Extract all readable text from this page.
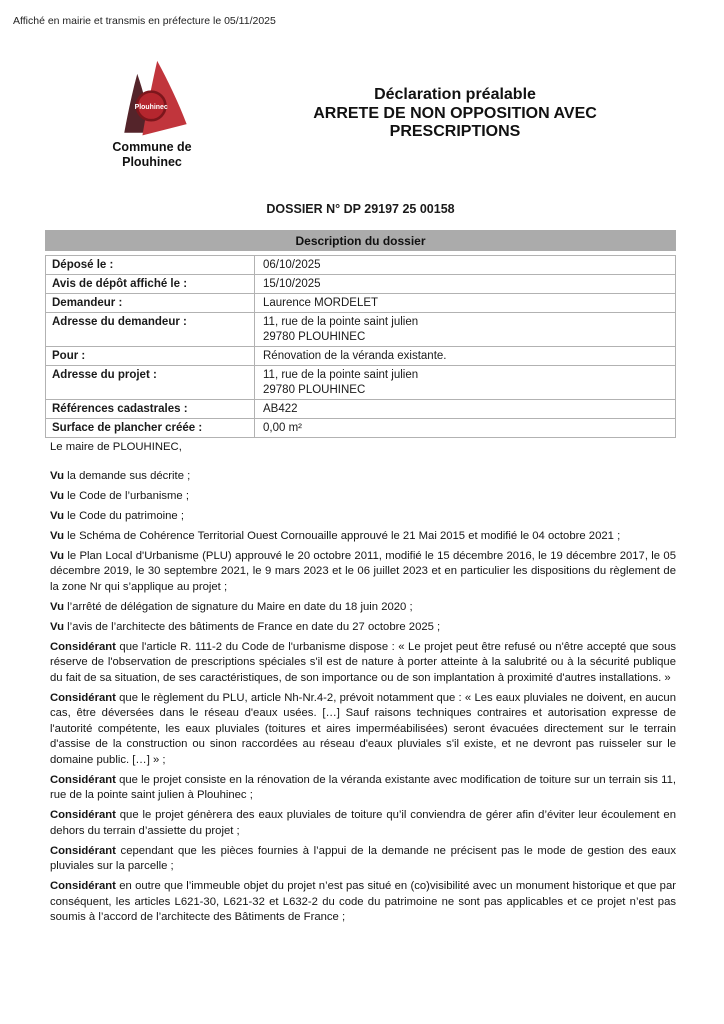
Affiché en mairie et transmis en préfecture le 05/11/2025
Plouhinec
Commune de
Plouhinec
Déclaration préalable
ARRETE DE NON OPPOSITION AVEC
PRESCRIPTIONS
DOSSIER N° DP 29197 25 00158
Description du dossier
Déposé le :	06/10/2025
Avis de dépôt affiché le :	15/10/2025
Demandeur :	Laurence MORDELET
Adresse du demandeur :	11, rue de la pointe saint julien
29780 PLOUHINEC
Pour :	Rénovation de la véranda existante.
Adresse du projet :	11, rue de la pointe saint julien
29780 PLOUHINEC
Références cadastrales :	AB422
Surface de plancher créée :	0,00 m²

Le maire de PLOUHINEC,

Vu la demande sus décrite ;

Vu le Code de l’urbanisme ;

Vu le Code du patrimoine ;

Vu le Schéma de Cohérence Territorial Ouest Cornouaille approuvé le 21 Mai 2015 et modifié le 04 octobre 2021 ;

Vu le Plan Local d'Urbanisme (PLU) approuvé le 20 octobre 2011, modifié le 15 décembre 2016, le 19 décembre 2017, le 05 décembre 2019, le 30 septembre 2021, le 9 mars 2023 et le 06 juillet 2023 et en particulier les dispositions du règlement de la zone Nr qui s’applique au projet ;

Vu l’arrêté de délégation de signature du Maire en date du 18 juin 2020 ;

Vu l’avis de l’architecte des bâtiments de France en date du 27 octobre 2025 ;

Considérant que l'article R. 111-2 du Code de l'urbanisme dispose : « Le projet peut être refusé ou n'être accepté que sous réserve de l'observation de prescriptions spéciales s'il est de nature à porter atteinte à la salubrité ou à la sécurité publique du fait de sa situation, de ses caractéristiques, de son importance ou de son implantation à proximité d'autres installations. »

Considérant que le règlement du PLU, article Nh-Nr.4-2, prévoit notamment que : « Les eaux pluviales ne doivent, en aucun cas, être déversées dans le réseau d'eaux usées. […] Sauf raisons techniques contraires et autorisation expresse de l'autorité compétente, les eaux pluviales (toitures et aires imperméabilisées) seront évacuées directement sur le terrain d'assise de la construction ou sinon raccordées au réseau d'eaux pluviales s'il existe, et ne devront pas ruisseler sur le domaine public. […] » ;

Considérant que le projet consiste en la rénovation de la véranda existante avec modification de toiture sur un terrain sis 11, rue de la pointe saint julien à Plouhinec ;

Considérant que le projet génèrera des eaux pluviales de toiture qu’il conviendra de gérer afin d’éviter leur écoulement en dehors du terrain d’assiette du projet ;

Considérant cependant que les pièces fournies à l’appui de la demande ne précisent pas le mode de gestion des eaux pluviales sur la parcelle ;

Considérant en outre que l’immeuble objet du projet n’est pas situé en (co)visibilité avec un monument historique et que par conséquent, les articles L621-30, L621-32 et L632-2 du code du patrimoine ne sont pas applicables et ce projet n’est pas soumis à l’accord de l’architecte des Bâtiments de France ;
